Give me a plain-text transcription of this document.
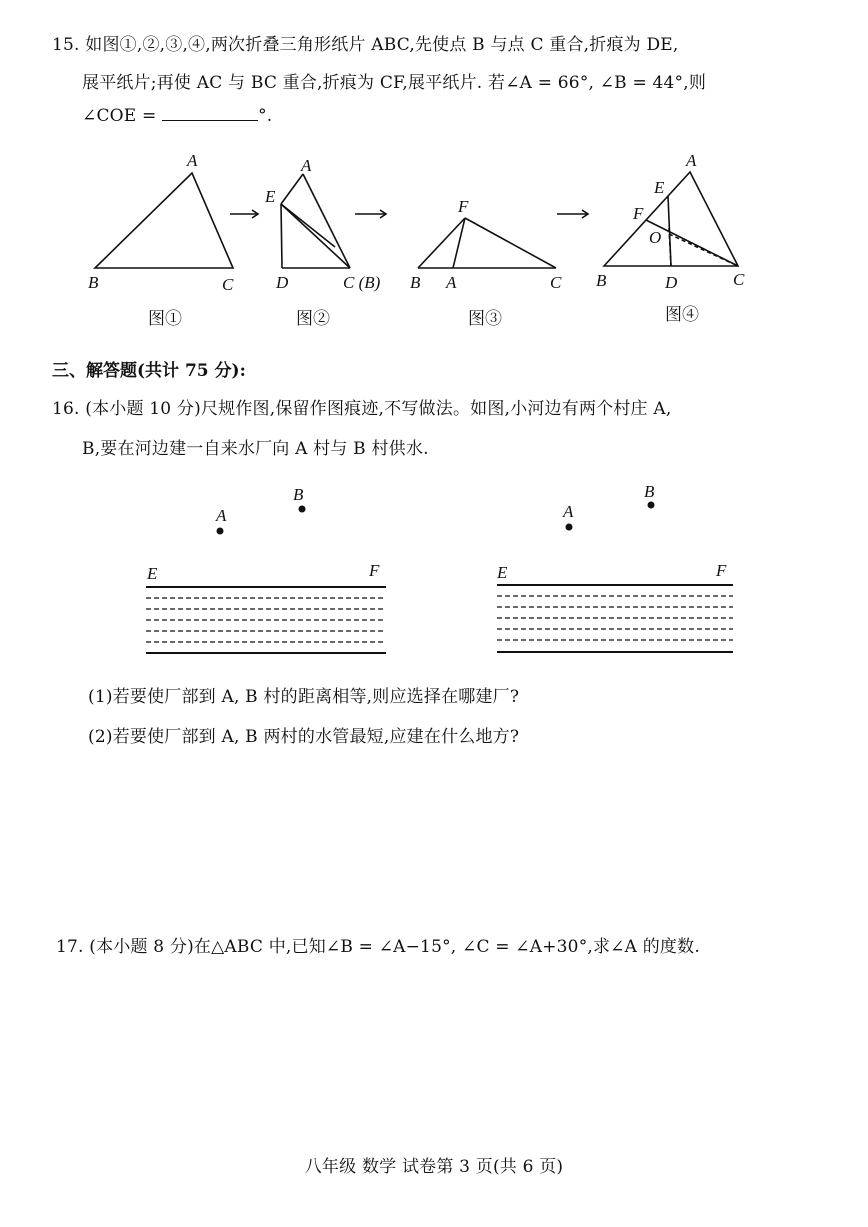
15. 如图①,②,③,④,两次折叠三角形纸片 ABC,先使点 B 与点 C 重合,折痕为 DE,
展平纸片;再使 AC 与 BC 重合,折痕为 CF,展平纸片. 若∠A = 66°, ∠B = 44°,则
∠COE =	°.
A
B	C
A
E
D	C (B)
F
B A	C
A
E
F
O
B	D	C
图①	图②	图③	图④
三、解答题(共计 75 分):
16. (本小题 10 分)尺规作图,保留作图痕迹,不写做法。如图,小河边有两个村庄 A,
B,要在河边建一自来水厂向 A 村与 B 村供水.
A
B
E	F
A
B
E	F
(1)若要使厂部到 A, B 村的距离相等,则应选择在哪建厂?
(2)若要使厂部到 A, B 两村的水管最短,应建在什么地方?
17. (本小题 8 分)在△ABC 中,已知∠B = ∠A−15°, ∠C = ∠A+30°,求∠A 的度数.
八年级 数学 试卷第 3 页(共 6 页)
